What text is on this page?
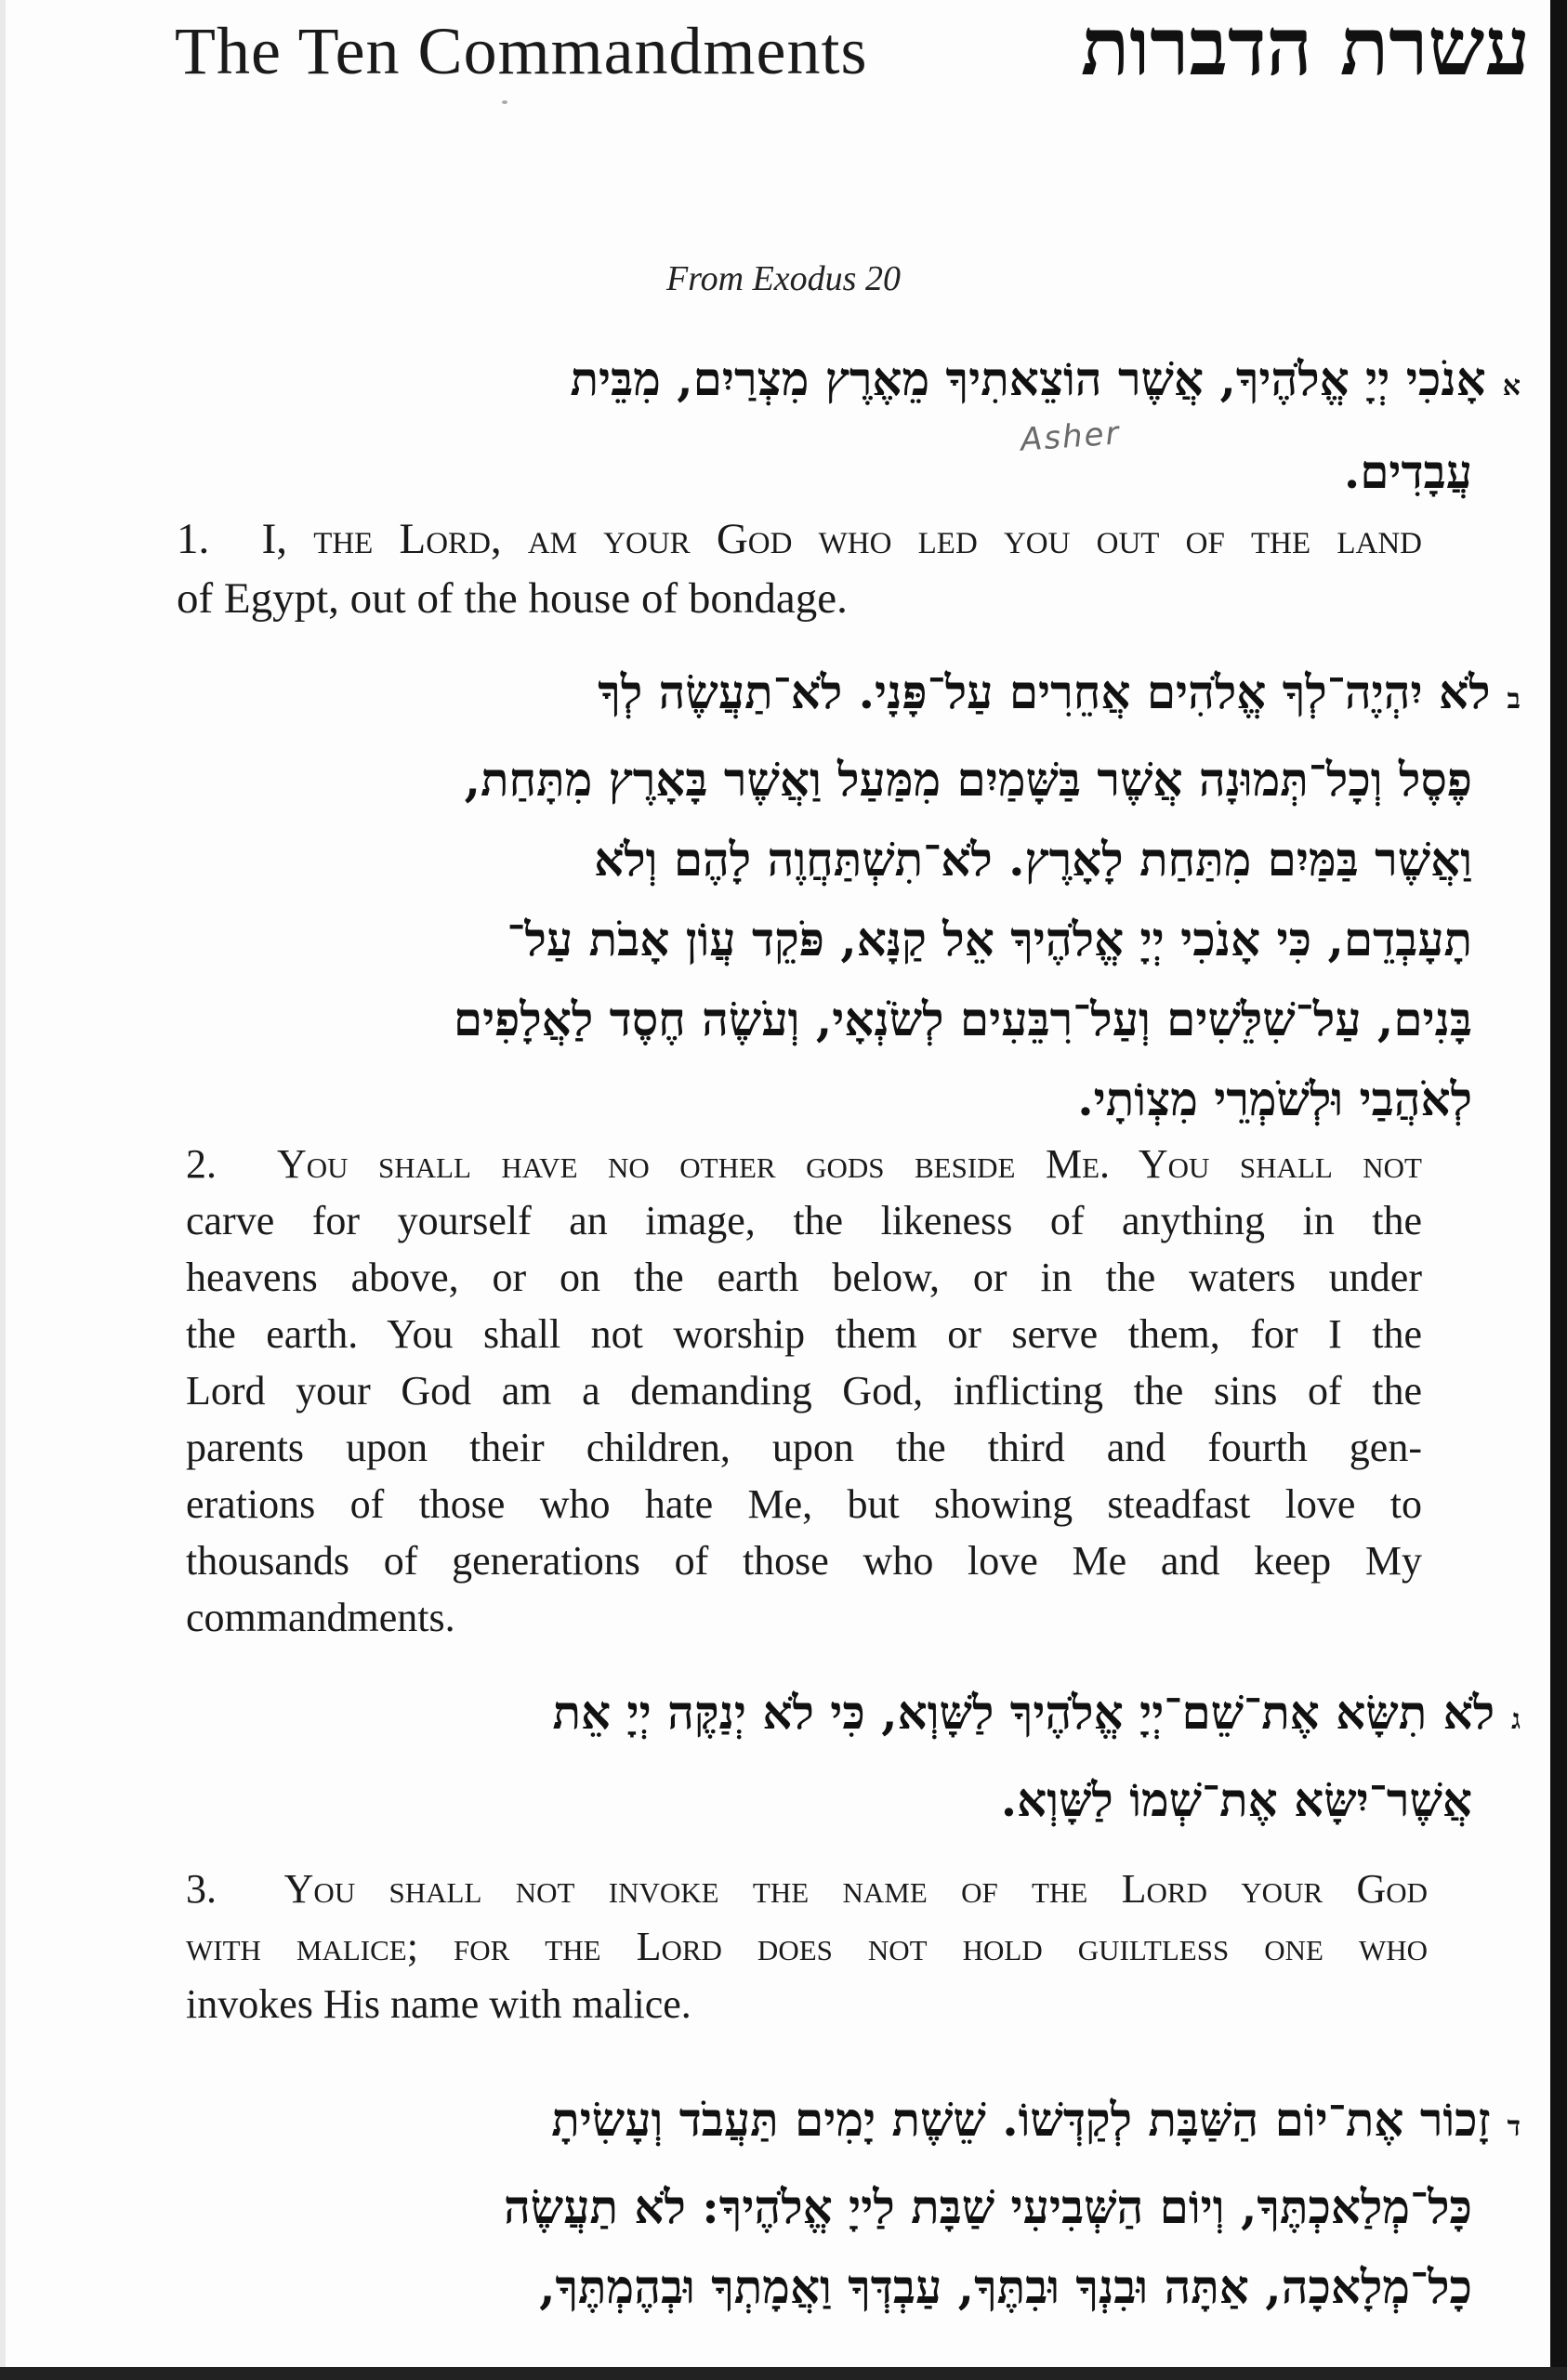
The Ten Commandments	עשרת הדברות
From Exodus 20
אאָנֹכִי יְיָ אֱלֹהֶיךָ, אֲשֶׁר הוֹצֵאתִיךָ מֵאֶרֶץ מִצְרַיִם, מִבֵּית
עֲבָדִים.
Asher
1. I, the Lord, am your God who led you out of the land
of Egypt, out of the house of bondage.
בלֹא יִהְיֶה־לְךָ אֱלֹהִים אֲחֵרִים עַל־פָּנָי. לֹא־תַעֲשֶׂה לְךָ
פֶסֶל וְכָל־תְּמוּנָה אֲשֶׁר בַּשָּׁמַיִם מִמַּעַל וַאֲשֶׁר בָּאָרֶץ מִתָּחַת,
וַאֲשֶׁר בַּמַּיִם מִתַּחַת לָאָרֶץ. לֹא־תִשְׁתַּחֲוֶה לָהֶם וְלֹא
תָעָבְדֵם, כִּי אָנֹכִי יְיָ אֱלֹהֶיךָ אֵל קַנָּא, פֹּקֵד עֲוֹן אָבֹת עַל־
בָּנִים, עַל־שִׁלֵּשִׁים וְעַל־רִבֵּעִים לְשֹׂנְאָי, וְעֹשֶׂה חֶסֶד לַאֲלָפִים
לְאֹהֲבַי וּלְשֹׁמְרֵי מִצְוֹתָי.
2. You shall have no other gods beside Me. You shall not
carve for yourself an image, the likeness of anything in the
heavens above, or on the earth below, or in the waters under
the earth. You shall not worship them or serve them, for I the
Lord your God am a demanding God, inflicting the sins of the
parents upon their children, upon the third and fourth gen-
erations of those who hate Me, but showing steadfast love to
thousands of generations of those who love Me and keep My
commandments.
גלֹא תִשָּׂא אֶת־שֵׁם־יְיָ אֱלֹהֶיךָ לַשָּׁוְא, כִּי לֹא יְנַקֶּה יְיָ אֵת
אֲשֶׁר־יִשָּׂא אֶת־שְׁמוֹ לַשָּׁוְא.
3. You shall not invoke the name of the Lord your God
with malice; for the Lord does not hold guiltless one who
invokes His name with malice.
דזָכוֹר אֶת־יוֹם הַשַּׁבָּת לְקַדְּשׁוֹ. שֵׁשֶׁת יָמִים תַּעֲבֹד וְעָשִׂיתָ
כָּל־מְלַאכְתֶּךָ, וְיוֹם הַשְּׁבִיעִי שַׁבָּת לַייָ אֱלֹהֶיךָ: לֹא תַעֲשֶׂה
כָל־מְלָאכָה, אַתָּה וּבִנְךָ וּבִתֶּךָ, עַבְדְּךָ וַאֲמָתְךָ וּבְהֶמְתֶּךָ,
